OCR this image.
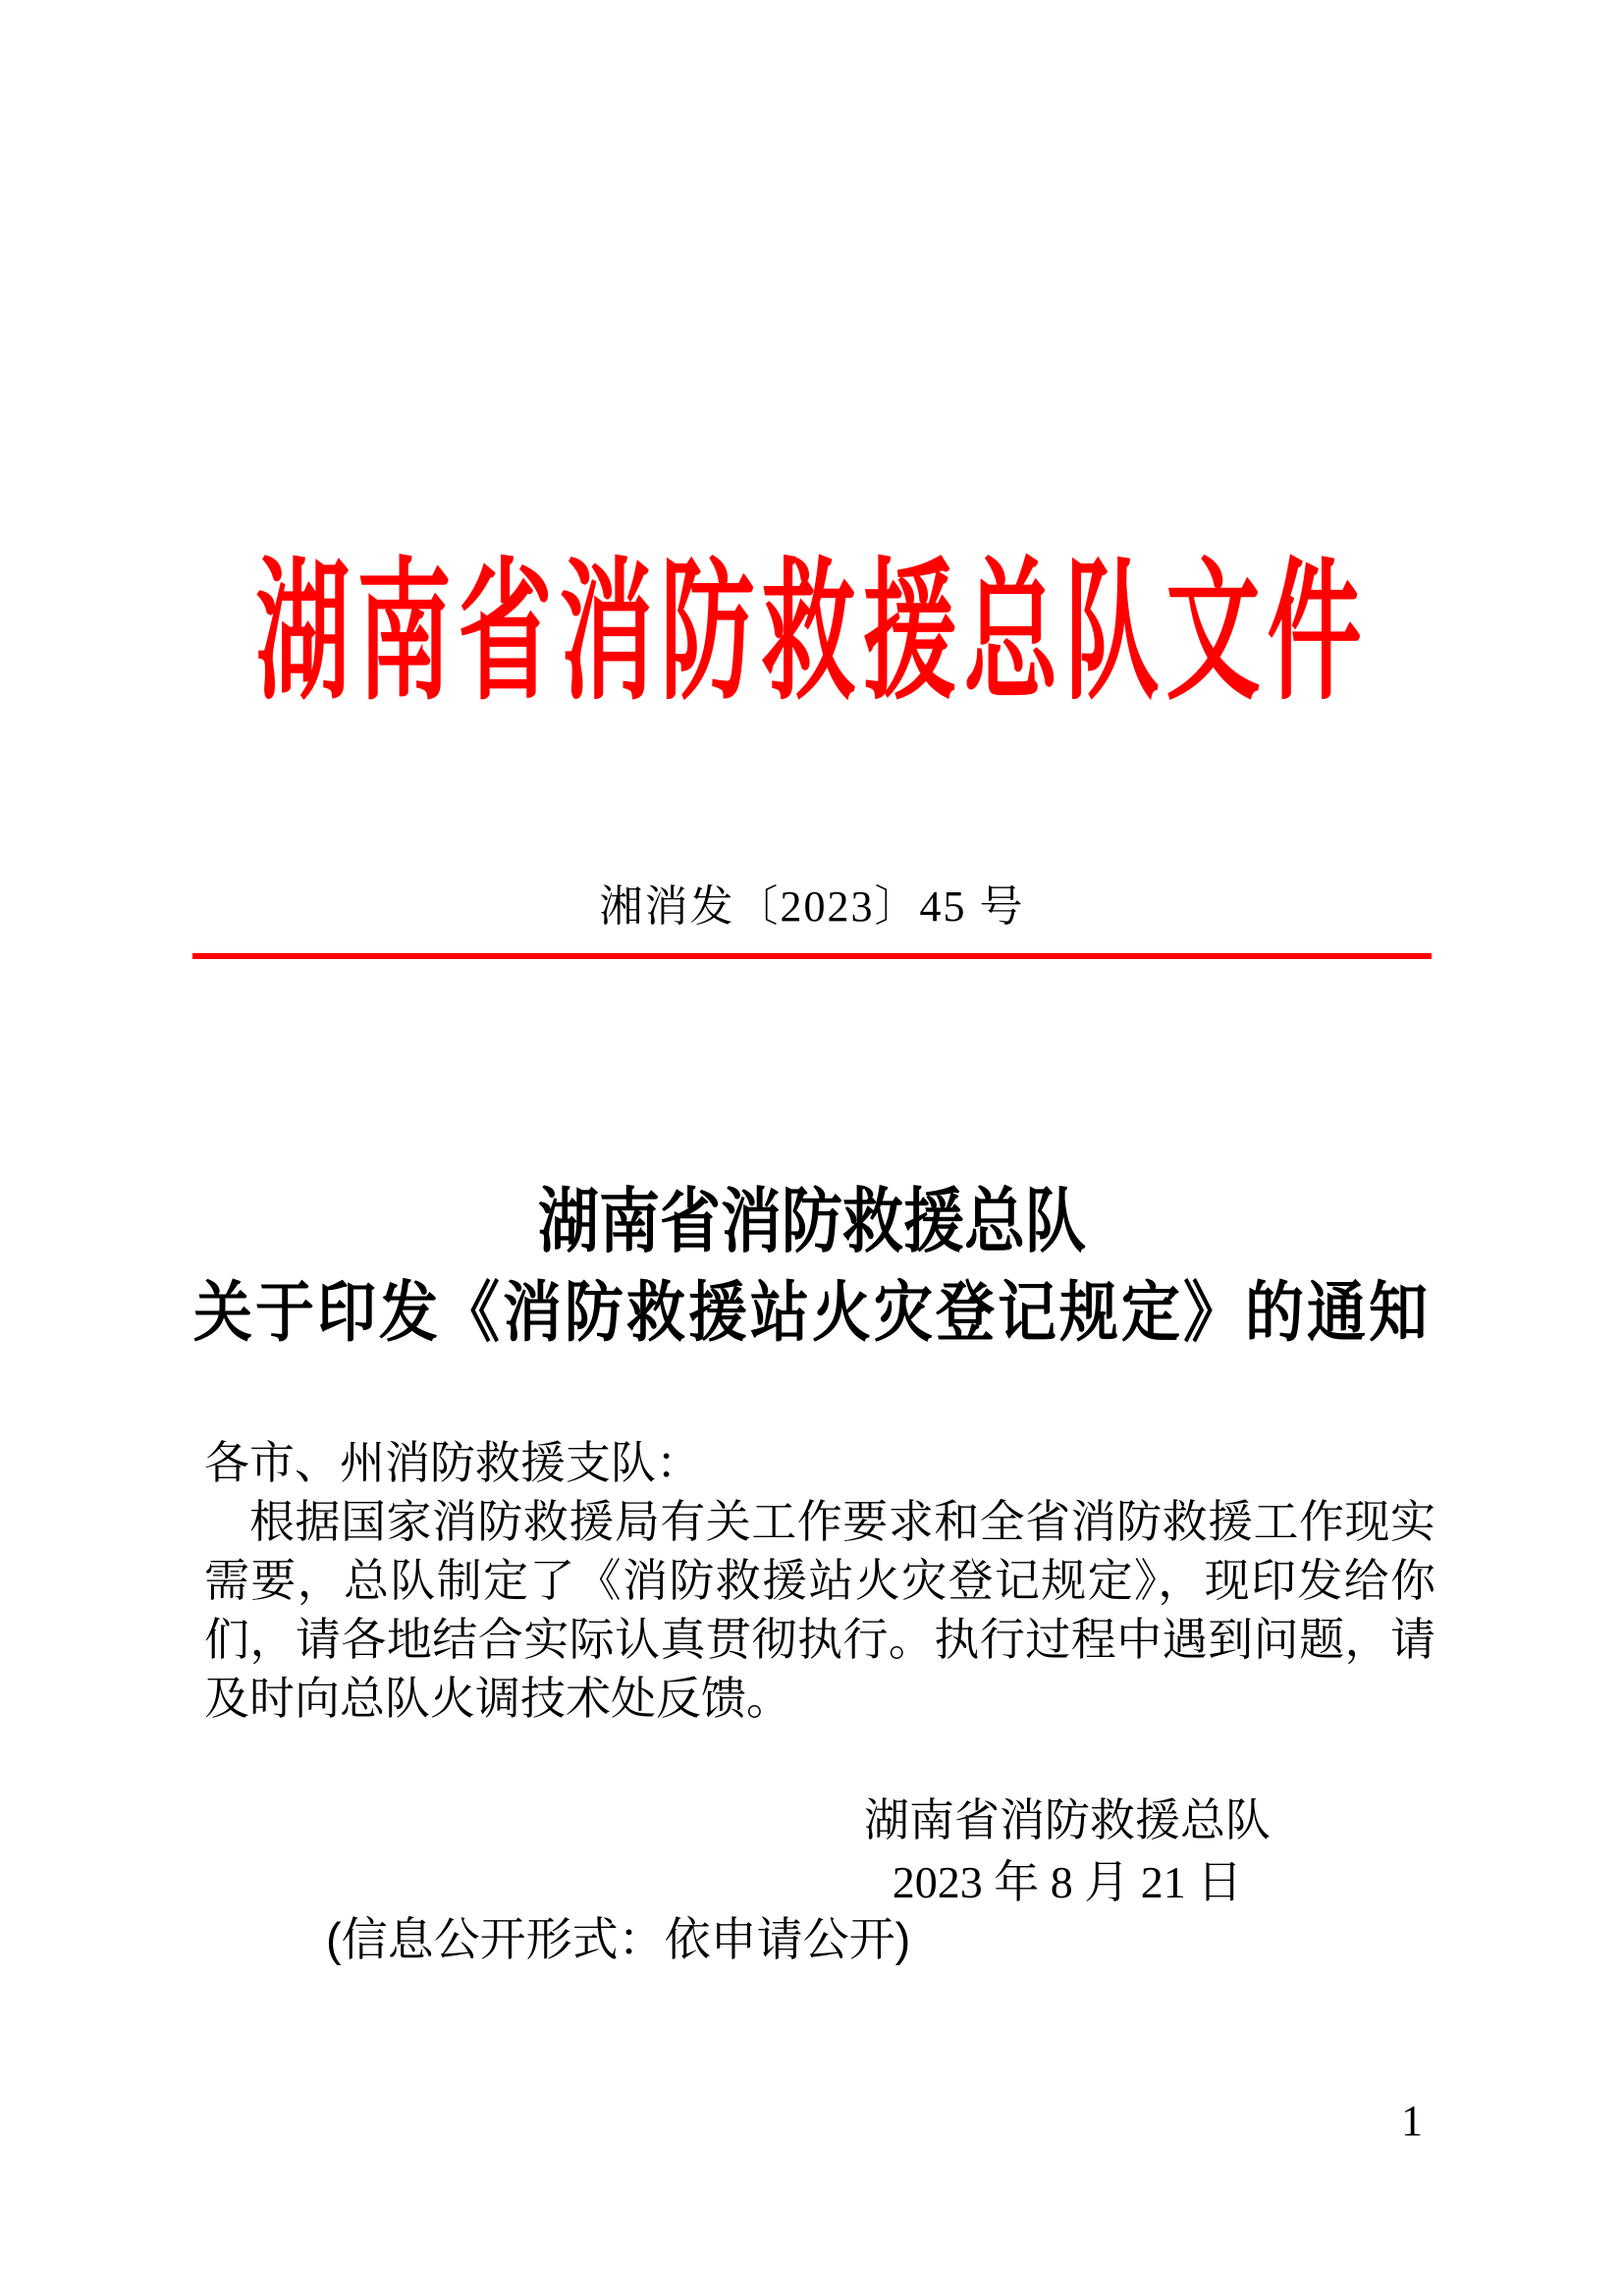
湖南省消防救援总队文件
湘消发〔2023〕45 号
湖南省消防救援总队
关于印发《消防救援站火灾登记规定》的通知

各市、州消防救援支队：

根据国家消防救援局有关工作要求和全省消防救援工作现实需要，总队制定了《消防救援站火灾登记规定》，现印发给你们，请各地结合实际认真贯彻执行。执行过程中遇到问题，请及时向总队火调技术处反馈。

湖南省消防救援总队
2023 年 8 月 21 日
(信息公开形式：依申请公开)
1
